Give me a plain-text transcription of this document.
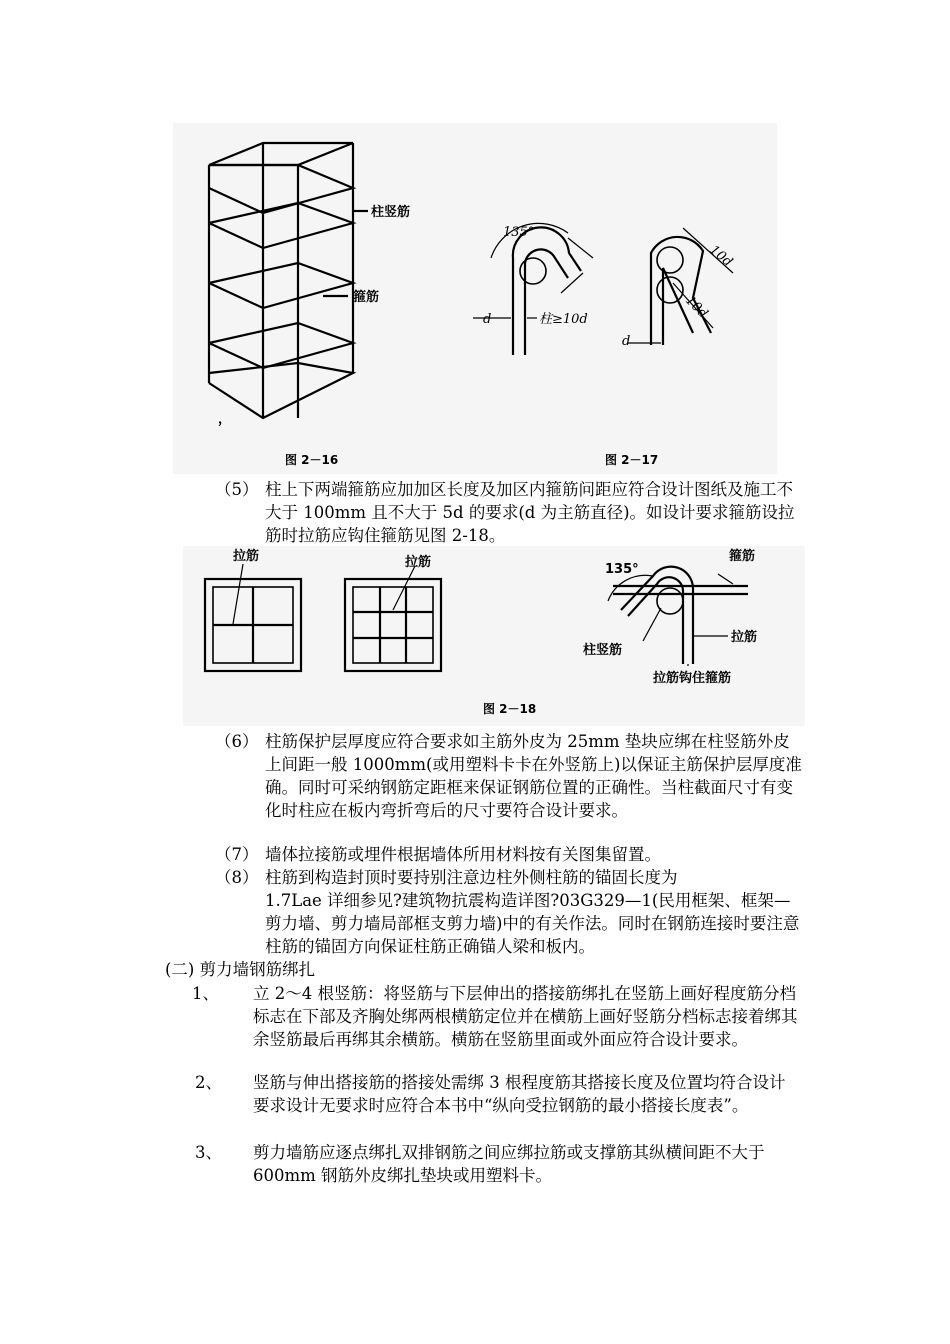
柱竖筋
箍筋
，
图 2－16
135°
d	柱≥10d
10d
10d
d
图 2－17
（5） 柱上下两端箍筋应加加区长度及加区内箍筋问距应符合设计图纸及施工不大于 100mm 且不大于 5d 的要求(d 为主筋直径)。如设计要求箍筋设拉筋时拉筋应钩住箍筋见图 2-18。

拉筋	拉筋	135°
箍筋
拉筋
柱竖筋
拉筋钩住箍筋
图 2－18
（6） 柱筋保护层厚度应符合要求如主筋外皮为 25mm 垫块应绑在柱竖筋外皮上间距一般 1000mm(或用塑料卡卡在外竖筋上)以保证主筋保护层厚度准确。同时可采纳钢筋定距框来保证钢筋位置的正确性。当柱截面尺寸有变化时柱应在板内弯折弯后的尺寸要符合设计要求。

（7） 墙体拉接筋或埋件根据墙体所用材料按有关图集留置。

（8） 柱筋到构造封顶时要持别注意边柱外侧柱筋的锚固长度为

1.7Lae 详细参见?建筑物抗震构造详图?03G329—1(民用框架、框架—剪力墙、剪力墙局部框支剪力墙)中的有关作法。同时在钢筋连接时要注意柱筋的锚固方向保证柱筋正确锚人梁和板内。

(二) 剪力墙钢筋绑扎
1、 立 2～4 根竖筋：将竖筋与下层伸出的搭接筋绑扎在竖筋上画好程度筋分档标志在下部及齐胸处绑两根横筋定位并在横筋上画好竖筋分档标志接着绑其余竖筋最后再绑其余横筋。横筋在竖筋里面或外面应符合设计要求。

2、 竖筋与伸出搭接筋的搭接处需绑 3 根程度筋其搭接长度及位置均符合设计要求设计无要求时应符合本书中“纵向受拉钢筋的最小搭接长度表”。

3、 剪力墙筋应逐点绑扎双排钢筋之间应绑拉筋或支撑筋其纵横间距不大于 600mm 钢筋外皮绑扎垫块或用塑料卡。
